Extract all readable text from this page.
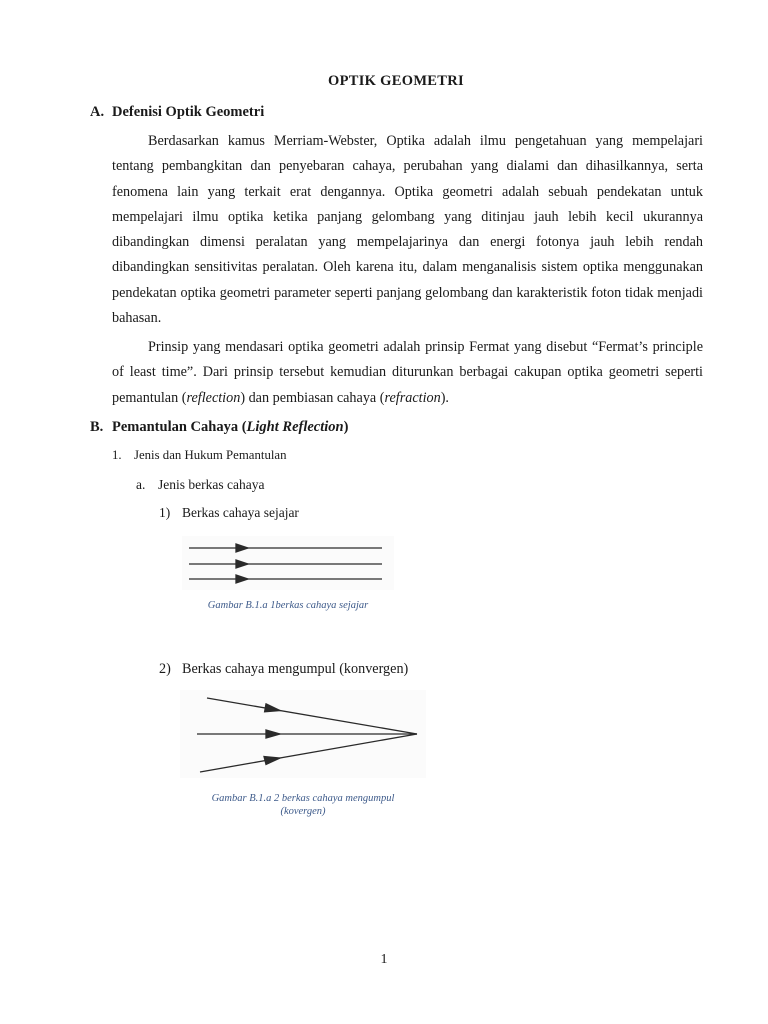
OPTIK GEOMETRI
A. Defenisi Optik Geometri
Berdasarkan kamus Merriam-Webster, Optika adalah ilmu pengetahuan yang mempelajari tentang pembangkitan dan penyebaran cahaya, perubahan yang dialami dan dihasilkannya, serta fenomena lain yang terkait erat dengannya. Optika geometri adalah sebuah pendekatan untuk mempelajari ilmu optika ketika panjang gelombang yang ditinjau jauh lebih kecil ukurannya dibandingkan dimensi peralatan yang mempelajarinya dan energi fotonya jauh lebih rendah dibandingkan sensitivitas peralatan. Oleh karena itu, dalam menganalisis sistem optika menggunakan pendekatan optika geometri parameter seperti panjang gelombang dan karakteristik foton tidak menjadi bahasan.
Prinsip yang mendasari optika geometri adalah prinsip Fermat yang disebut “Fermat’s principle of least time”. Dari prinsip tersebut kemudian diturunkan berbagai cakupan optika geometri seperti pemantulan (reflection) dan pembiasan cahaya (refraction).
B. Pemantulan Cahaya (Light Reflection)
1. Jenis dan Hukum Pemantulan
a. Jenis berkas cahaya
1) Berkas cahaya sejajar
Gambar B.1.a 1berkas cahaya sejajar
2) Berkas cahaya mengumpul (konvergen)
Gambar B.1.a 2 berkas cahaya mengumpul
(kovergen)
1
